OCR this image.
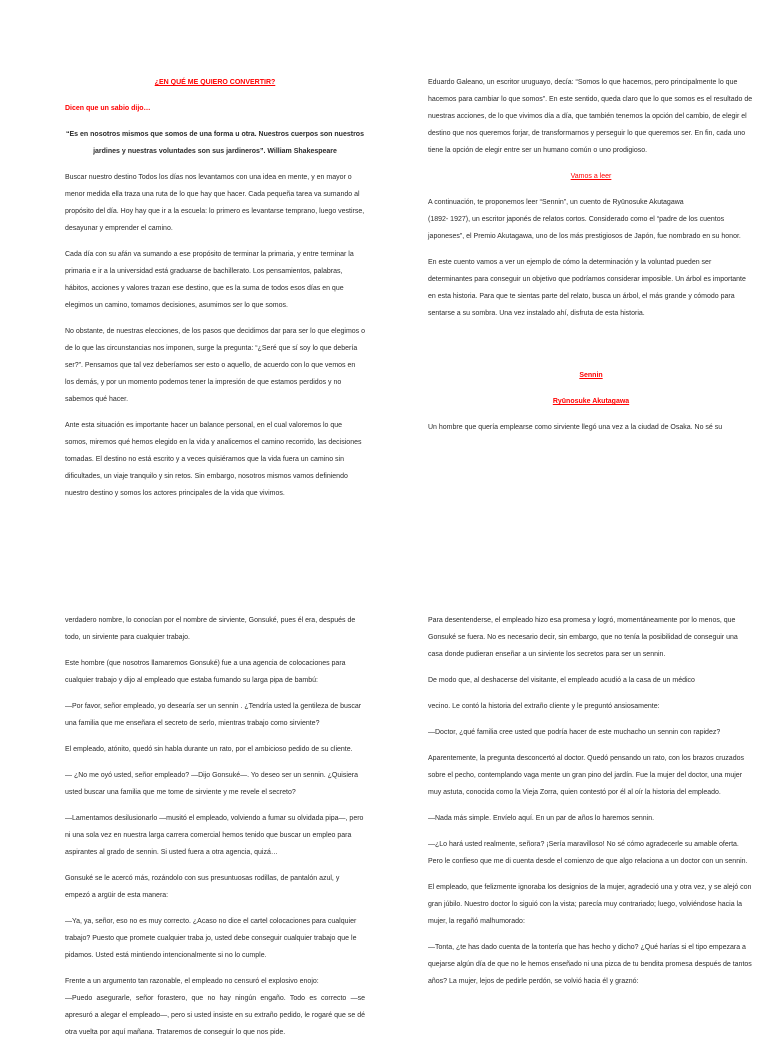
¿EN QUÉ ME QUIERO CONVERTIR?

Dicen que un sabio dijo…

“Es en nosotros mismos que somos de una forma u otra. Nuestros cuerpos son nuestros jardines y nuestras voluntades son sus jardineros”. William Shakespeare

Buscar nuestro destino Todos los días nos levantamos con una idea en mente, y en mayor o menor medida ella traza una ruta de lo que hay que hacer. Cada pequeña tarea va sumando al propósito del día. Hoy hay que ir a la escuela: lo primero es levantarse temprano, luego vestirse, desayunar y emprender el camino.

Cada día con su afán va sumando a ese propósito de terminar la primaria, y entre terminar la primaria e ir a la universidad está graduarse de bachillerato. Los pensamientos, palabras, hábitos, acciones y valores trazan ese destino, que es la suma de todos esos días en que elegimos un camino, tomamos decisiones, asumimos ser lo que somos.

No obstante, de nuestras elecciones, de los pasos que decidimos dar para ser lo que elegimos o de lo que las circunstancias nos imponen, surge la pregunta: “¿Seré que sí soy lo que debería ser?”. Pensamos que tal vez deberíamos ser esto o aquello, de acuerdo con lo que vemos en los demás, y por un momento podemos tener la impresión de que estamos perdidos y no sabemos qué hacer.

Ante esta situación es importante hacer un balance personal, en el cual valoremos lo que somos, miremos qué hemos elegido en la vida y analicemos el camino recorrido, las decisiones tomadas. El destino no está escrito y a veces quisiéramos que la vida fuera un camino sin dificultades, un viaje tranquilo y sin retos. Sin embargo, nosotros mismos vamos definiendo nuestro destino y somos los actores principales de la vida que vivimos.

Eduardo Galeano, un escritor uruguayo, decía: “Somos lo que hacemos, pero principalmente lo que hacemos para cambiar lo que somos”. En este sentido, queda claro que lo que somos es el resultado de nuestras acciones, de lo que vivimos día a día, que también tenemos la opción del cambio, de elegir el destino que nos queremos forjar, de transformarnos y perseguir lo que queremos ser. En fin, cada uno tiene la opción de elegir entre ser un humano común o uno prodigioso.

Vamos a leer

A continuación, te proponemos leer “Sennin”, un cuento de Ryūnosuke Akutagawa

(1892- 1927), un escritor japonés de relatos cortos. Considerado como el “padre de los cuentos

japoneses”, el Premio Akutagawa, uno de los más prestigiosos de Japón, fue nombrado en su honor.

En este cuento vamos a ver un ejemplo de cómo la determinación y la voluntad pueden ser determinantes para conseguir un objetivo que podríamos considerar imposible. Un árbol es importante en esta historia. Para que te sientas parte del relato, busca un árbol, el más grande y cómodo para sentarse a su sombra. Una vez instalado ahí, disfruta de esta historia.

Sennin

Ryūnosuke Akutagawa

Un hombre que quería emplearse como sirviente llegó una vez a la ciudad de Osaka. No sé su

verdadero nombre, lo conocían por el nombre de sirviente, Gonsuké, pues él era, después de todo, un sirviente para cualquier trabajo.

Este hombre (que nosotros llamaremos Gonsuké) fue a una agencia de colocaciones para cualquier trabajo y dijo al empleado que estaba fumando su larga pipa de bambú:

—Por favor, señor empleado, yo desearía ser un sennin . ¿Tendría usted la gentileza de buscar una familia que me enseñara el secreto de serlo, mientras trabajo como sirviente?

El empleado, atónito, quedó sin habla durante un rato, por el ambicioso pedido de su cliente.

— ¿No me oyó usted, señor empleado? —Dijo Gonsuké—. Yo deseo ser un sennin. ¿Quisiera usted buscar una familia que me tome de sirviente y me revele el secreto?

—Lamentamos desilusionarlo —musitó el empleado, volviendo a fumar su olvidada pipa—, pero ni una sola vez en nuestra larga carrera comercial hemos tenido que buscar un empleo para aspirantes al grado de sennin. Si usted fuera a otra agencia, quizá…

Gonsuké se le acercó más, rozándolo con sus presuntuosas rodillas, de pantalón azul, y empezó a argüir de esta manera:

—Ya, ya, señor, eso no es muy correcto. ¿Acaso no dice el cartel colocaciones para cualquier trabajo? Puesto que promete cualquier traba jo, usted debe conseguir cualquier trabajo que le pidamos. Usted está mintiendo intencionalmente si no lo cumple.

Frente a un argumento tan razonable, el empleado no censuró el explosivo enojo:

—Puedo asegurarle, señor forastero, que no hay ningún engaño. Todo es correcto —se apresuró a alegar el empleado—, pero si usted insiste en su extraño pedido, le rogaré que se dé otra vuelta por aquí mañana. Trataremos de conseguir lo que nos pide.

Para desentenderse, el empleado hizo esa promesa y logró, momentáneamente por lo menos, que Gonsuké se fuera. No es necesario decir, sin embargo, que no tenía la posibilidad de conseguir una casa donde pudieran enseñar a un sirviente los secretos para ser un sennin.

De modo que, al deshacerse del visitante, el empleado acudió a la casa de un médico

vecino. Le contó la historia del extraño cliente y le preguntó ansiosamente:

—Doctor, ¿qué familia cree usted que podría hacer de este muchacho un sennin con rapidez?

Aparentemente, la pregunta desconcertó al doctor. Quedó pensando un rato, con los brazos cruzados sobre el pecho, contemplando vaga mente un gran pino del jardín. Fue la mujer del doctor, una mujer muy astuta, conocida como la Vieja Zorra, quien contestó por él al oír la historia del empleado.

—Nada más simple. Envíelo aquí. En un par de años lo haremos sennin.

—¿Lo hará usted realmente, señora? ¡Sería maravilloso! No sé cómo agradecerle su amable oferta. Pero le confieso que me di cuenta desde el comienzo de que algo relaciona a un doctor con un sennin.

El empleado, que felizmente ignoraba los designios de la mujer, agradeció una y otra vez, y se alejó con gran júbilo. Nuestro doctor lo siguió con la vista; parecía muy contrariado; luego, volviéndose hacia la mujer, la regañó malhumorado:

—Tonta, ¿te has dado cuenta de la tontería que has hecho y dicho? ¿Qué harías si el tipo empezara a quejarse algún día de que no le hemos enseñado ni una pizca de tu bendita promesa después de tantos años? La mujer, lejos de pedirle perdón, se volvió hacia él y graznó:
